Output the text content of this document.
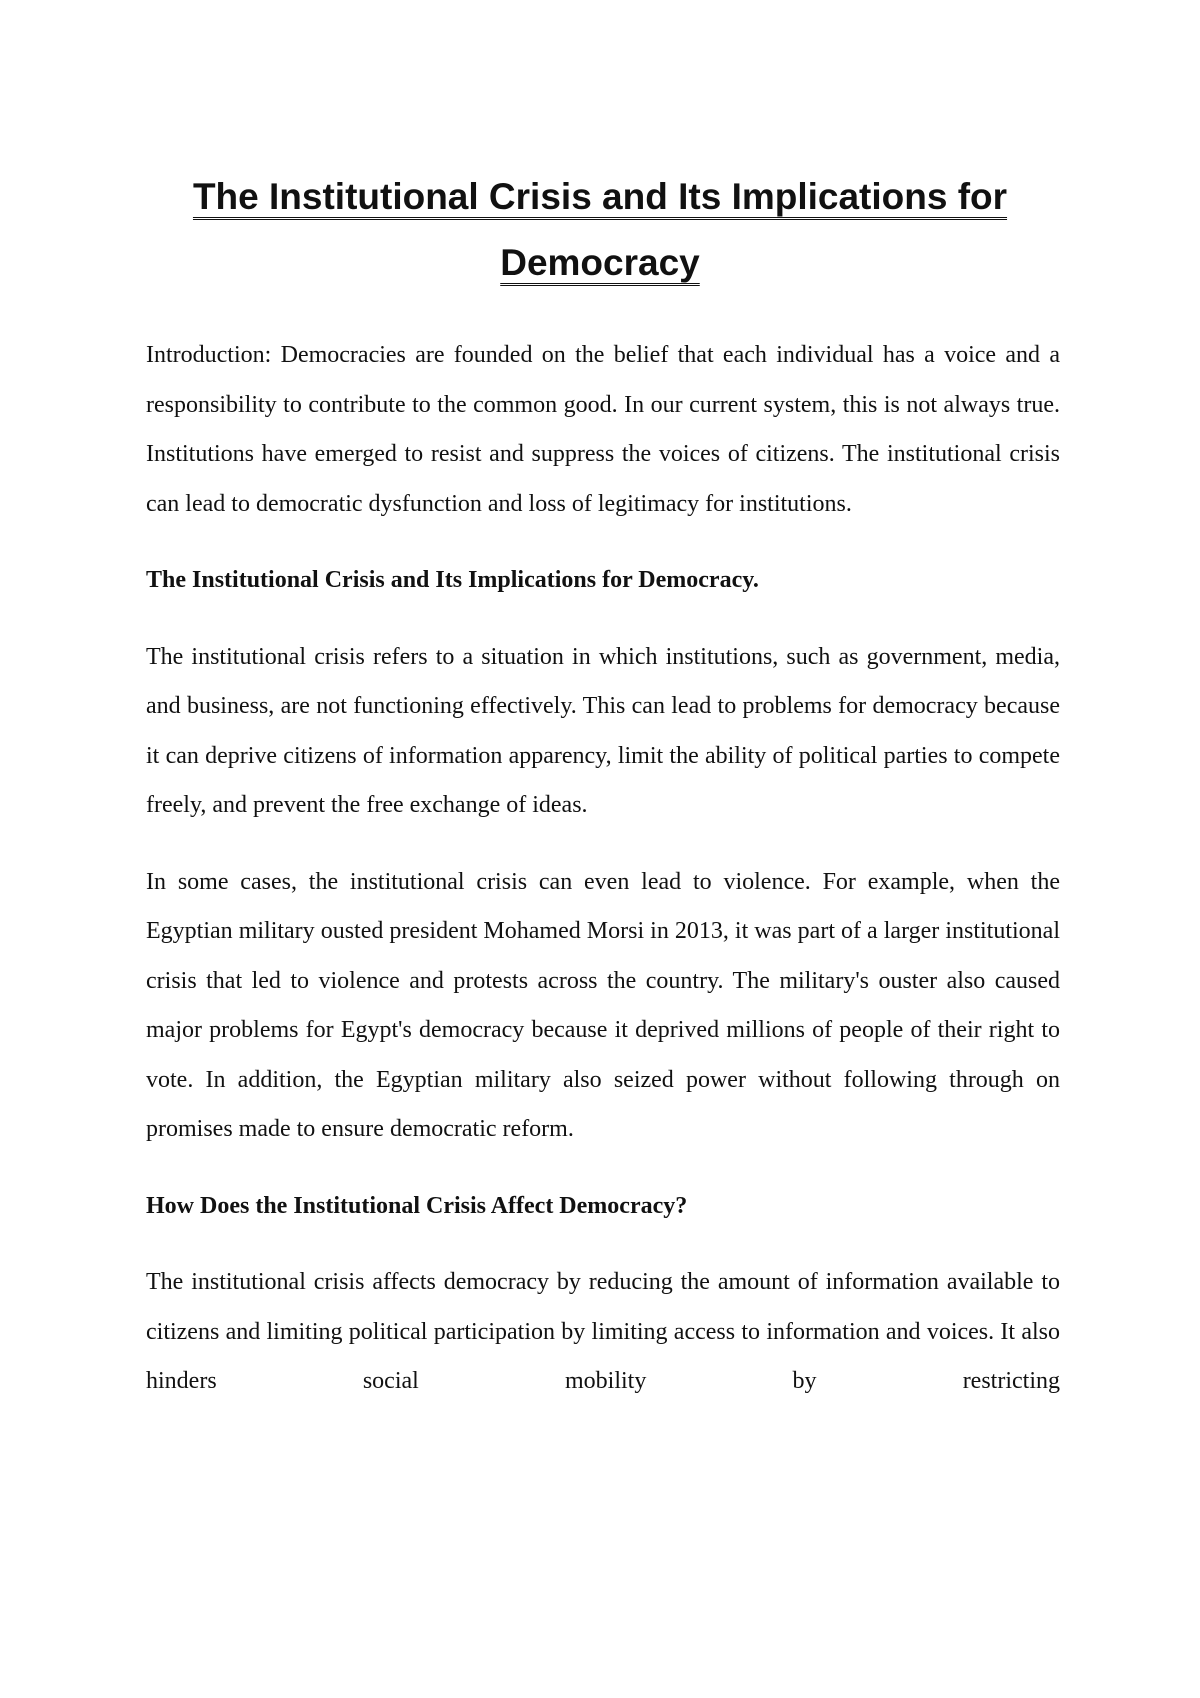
The Institutional Crisis and Its Implications for Democracy

Introduction: Democracies are founded on the belief that each individual has a voice and a responsibility to contribute to the common good. In our current system, this is not always true. Institutions have emerged to resist and suppress the voices of citizens. The institutional crisis can lead to democratic dysfunction and loss of legitimacy for institutions.

The Institutional Crisis and Its Implications for Democracy.

The institutional crisis refers to a situation in which institutions, such as government, media, and business, are not functioning effectively. This can lead to problems for democracy because it can deprive citizens of information apparency, limit the ability of political parties to compete freely, and prevent the free exchange of ideas.

In some cases, the institutional crisis can even lead to violence. For example, when the Egyptian military ousted president Mohamed Morsi in 2013, it was part of a larger institutional crisis that led to violence and protests across the country. The military's ouster also caused major problems for Egypt's democracy because it deprived millions of people of their right to vote. In addition, the Egyptian military also seized power without following through on promises made to ensure democratic reform.

How Does the Institutional Crisis Affect Democracy?

The institutional crisis affects democracy by reducing the amount of information available to citizens and limiting political participation by limiting access to information and voices. It also hinders social mobility by restricting
